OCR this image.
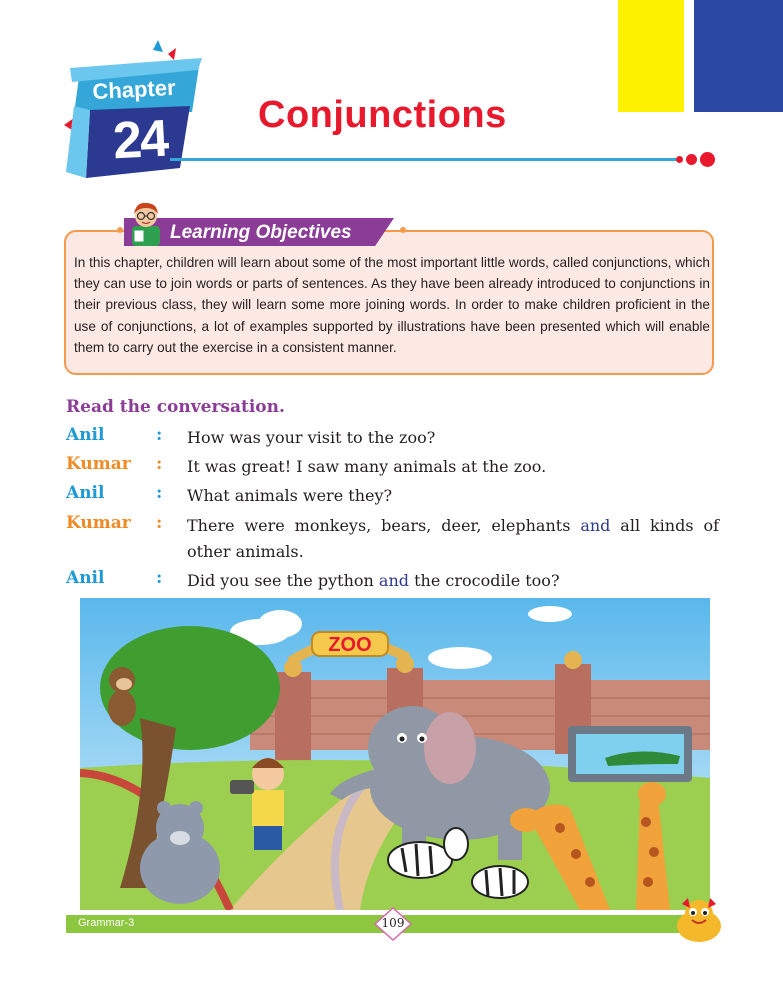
Chapter
24	Conjunctions
Learning Objectives

In this chapter, children will learn about some of the most important little words, called conjunctions, which they can use to join words or parts of sentences. As they have been already introduced to conjunctions in their previous class, they will learn some more joining words. In order to make children proficient in the use of conjunctions, a lot of examples supported by illustrations have been presented which will enable them to carry out the exercise in a consistent manner.

Read the conversation.
Anil	: How was your visit to the zoo?
Kumar : It was great! I saw many animals at the zoo.
Anil	: What animals were they?
Kumar : There were monkeys, bears, deer, elephants and all kinds of other animals.
Anil	: Did you see the python and the crocodile too?
ZOO
Grammar-3	109
